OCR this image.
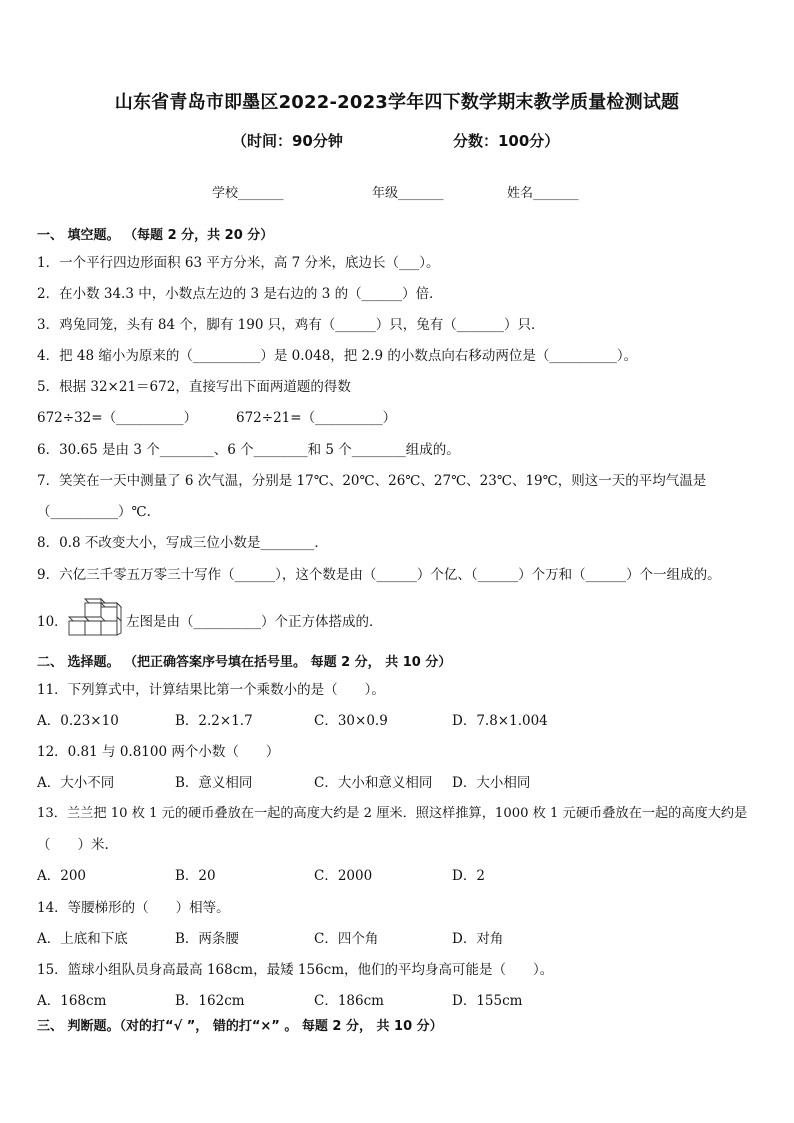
山东省青岛市即墨区2022-2023学年四下数学期末教学质量检测试题
（时间：90分钟	分数：100分）
学校_______	年级_______	姓名_______
一、 填空题。 （每题 2 分，共 20 分）
1．一个平行四边形面积 63 平方分米，高 7 分米，底边长（___）。
2．在小数 34.3 中，小数点左边的 3 是右边的 3 的（______）倍．
3．鸡兔同笼，头有 84 个，脚有 190 只，鸡有（______）只，兔有（_______）只．
4．把 48 缩小为原来的（__________）是 0.048，把 2.9 的小数点向右移动两位是（__________）。
5．根据 32×21＝672，直接写出下面两道题的得数
672÷32=（__________）	672÷21=（__________）
6．30.65 是由 3 个________、6 个________和 5 个________组成的。
7．笑笑在一天中测量了 6 次气温，分别是 17℃、20℃、26℃、27℃、23℃、19℃，则这一天的平均气温是
（__________）℃.
8．0.8 不改变大小，写成三位小数是________．
9．六亿三千零五万零三十写作（______），这个数是由（______）个亿、（______）个万和（______）个一组成的。
10．	左图是由（__________）个正方体搭成的．
二、 选择题。 （把正确答案序号填在括号里。 每题 2 分， 共 10 分）
11．下列算式中，计算结果比第一个乘数小的是（　　）。
A．0.23×10	B．2.2×1.7	C．30×0.9	D．7.8×1.004
12．0.81 与 0.8100 两个小数（　　）
A．大小不同	B．意义相同	C．大小和意义相同 D．大小相同
13．兰兰把 10 枚 1 元的硬币叠放在一起的高度大约是 2 厘米．照这样推算，1000 枚 1 元硬币叠放在一起的高度大约是
（　　）米.
A．200	B．20	C．2000	D．2
14．等腰梯形的（　　）相等。
A．上底和下底	B．两条腰	C．四个角	D．对角
15．篮球小组队员身高最高 168cm，最矮 156cm，他们的平均身高可能是（　　）。
A．168cm	B．162cm	C．186cm	D．155cm
三、 判断题。（对的打“√ ”， 错的打“×” 。 每题 2 分， 共 10 分）
